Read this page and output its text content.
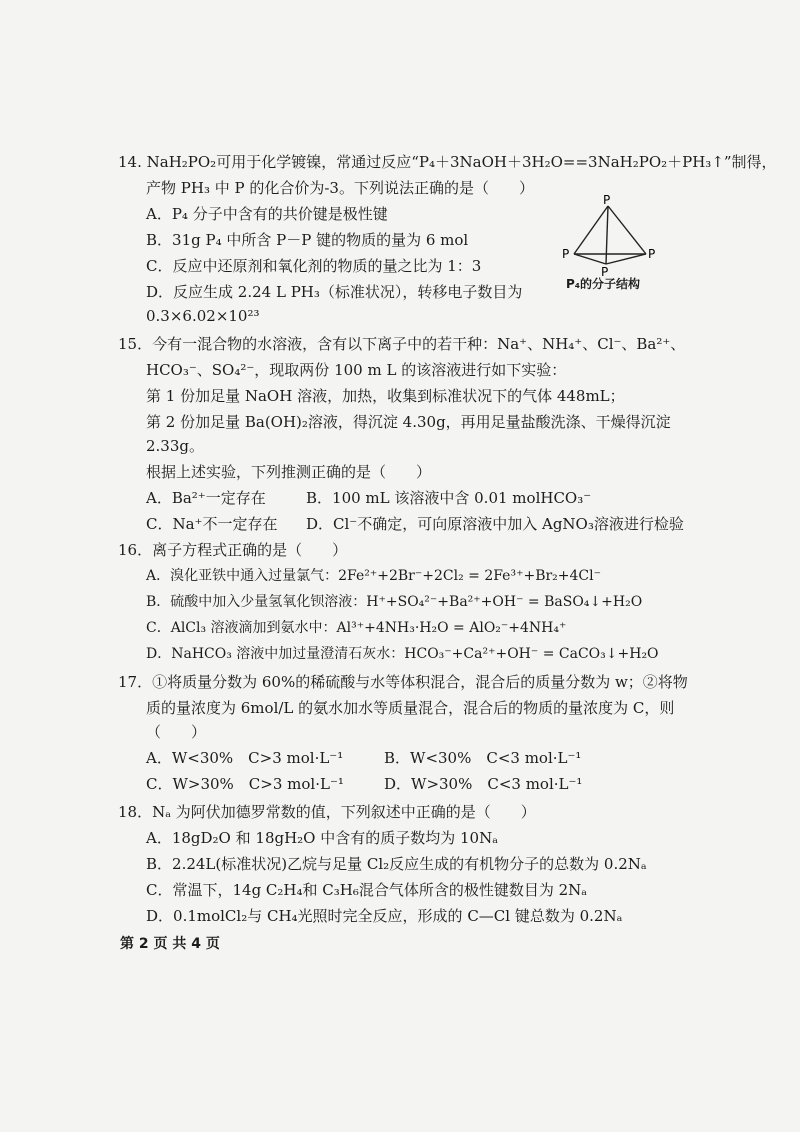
14. NaH₂PO₂可用于化学镀镍，常通过反应“P₄＋3NaOH＋3H₂O==3NaH₂PO₂＋PH₃↑”制得，
产物 PH₃ 中 P 的化合价为-3。下列说法正确的是（　　）
A．P₄ 分子中含有的共价键是极性键
B．31g P₄ 中所含 P－P 键的物质的量为 6 mol
C．反应中还原剂和氧化剂的物质的量之比为 1：3
D．反应生成 2.24 L PH₃（标准状况），转移电子数目为
0.3×6.02×10²³
P
P	P
P
P₄的分子结构
15．今有一混合物的水溶液，含有以下离子中的若干种：Na⁺、NH₄⁺、Cl⁻、Ba²⁺、
HCO₃⁻、SO₄²⁻，现取两份 100 m L 的该溶液进行如下实验：
第 1 份加足量 NaOH 溶液，加热，收集到标准状况下的气体 448mL；
第 2 份加足量 Ba(OH)₂溶液，得沉淀 4.30g，再用足量盐酸洗涤、干燥得沉淀
2.33g。
根据上述实验，下列推测正确的是（　　）
A．Ba²⁺一定存在	B．100 mL 该溶液中含 0.01 molHCO₃⁻
C．Na⁺不一定存在 D．Cl⁻不确定，可向原溶液中加入 AgNO₃溶液进行检验
16．离子方程式正确的是（　　）
A．溴化亚铁中通入过量氯气：2Fe²⁺+2Br⁻+2Cl₂ = 2Fe³⁺+Br₂+4Cl⁻
B．硫酸中加入少量氢氧化钡溶液：H⁺+SO₄²⁻+Ba²⁺+OH⁻ = BaSO₄↓+H₂O
C．AlCl₃ 溶液滴加到氨水中：Al³⁺+4NH₃·H₂O = AlO₂⁻+4NH₄⁺
D．NaHCO₃ 溶液中加过量澄清石灰水：HCO₃⁻+Ca²⁺+OH⁻ = CaCO₃↓+H₂O
17．①将质量分数为 60%的稀硫酸与水等体积混合，混合后的质量分数为 w；②将物
质的量浓度为 6mol/L 的氨水加水等质量混合，混合后的物质的量浓度为 C，则
（　　）
A．W<30%　C>3 mol·L⁻¹	B．W<30%　C<3 mol·L⁻¹
C．W>30%　C>3 mol·L⁻¹	D．W>30%　C<3 mol·L⁻¹
18．Nₐ 为阿伏加德罗常数的值，下列叙述中正确的是（　　）
A．18gD₂O 和 18gH₂O 中含有的质子数均为 10Nₐ
B．2.24L(标准状况)乙烷与足量 Cl₂反应生成的有机物分子的总数为 0.2Nₐ
C．常温下，14g C₂H₄和 C₃H₆混合气体所含的极性键数目为 2Nₐ
D．0.1molCl₂与 CH₄光照时完全反应，形成的 C—Cl 键总数为 0.2Nₐ
第 2 页 共 4 页
